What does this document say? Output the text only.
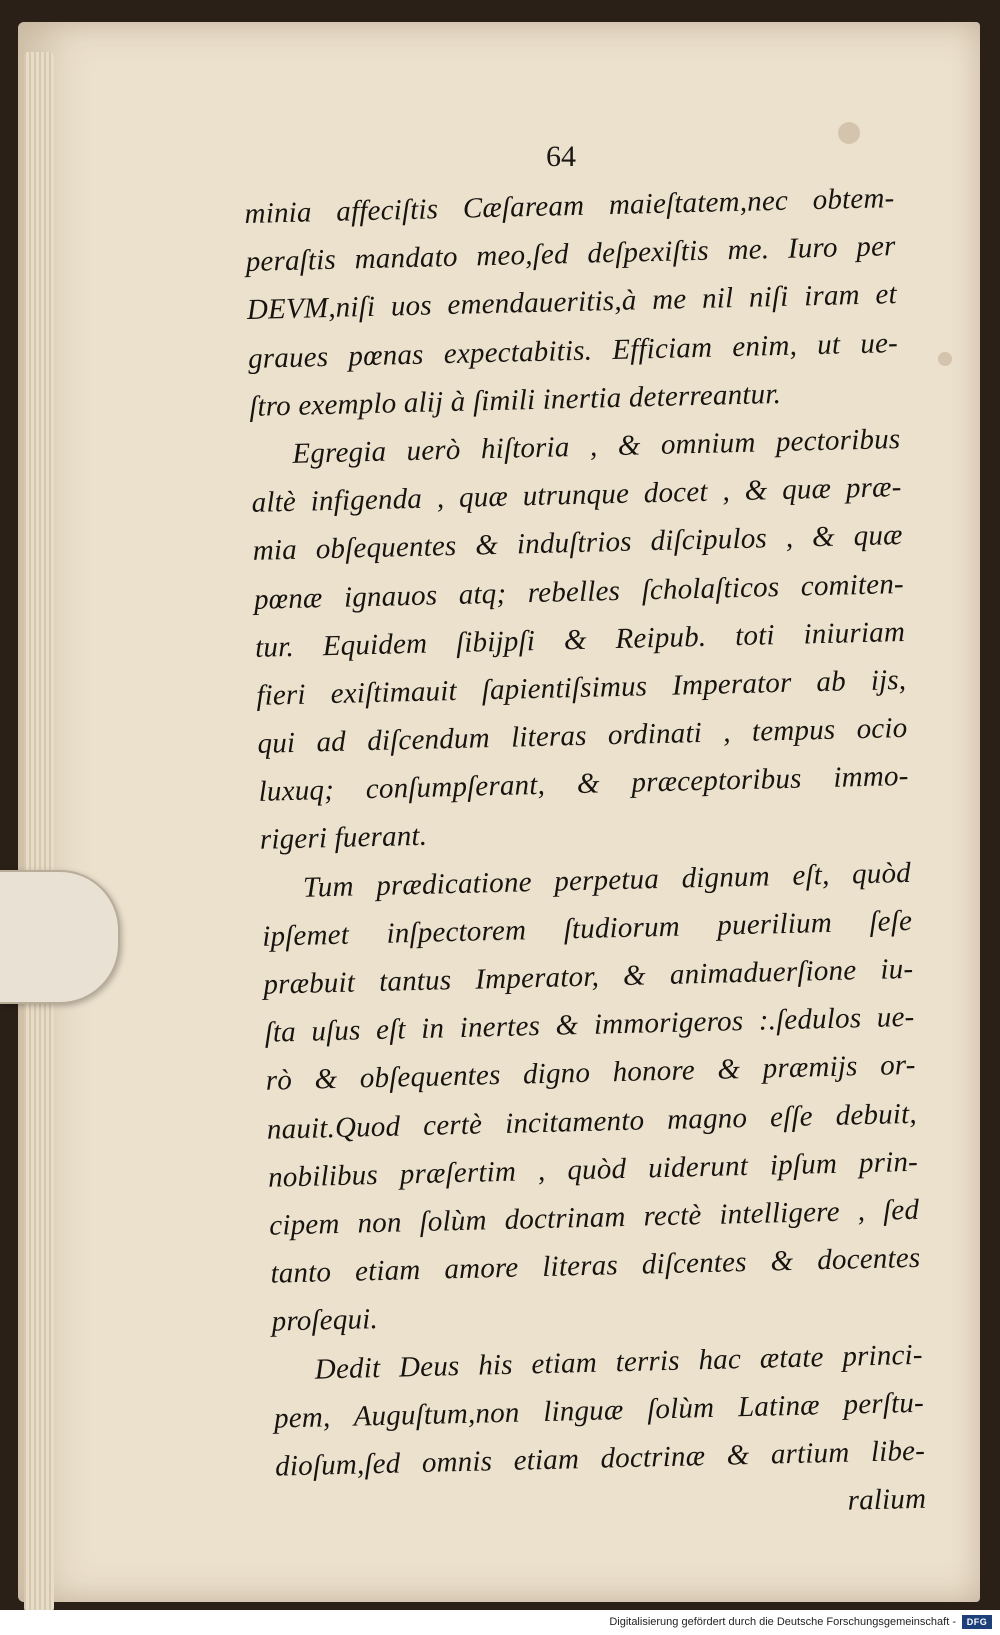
64
minia affeciſtis Cæſaream maieſtatem,nec obtem-
peraſtis mandato meo,ſed deſpexiſtis me. Iuro per
DEVM,niſi uos emendaueritis,à me nil niſi iram et
graues pœnas expectabitis. Efficiam enim, ut ue-
ſtro exemplo alij à ſimili inertia deterreantur.
Egregia uerò hiſtoria , & omnium pectoribus
altè infigenda , quæ utrunque docet , & quæ præ-
mia obſequentes & induſtrios diſcipulos , & quæ
pœnæ ignauos atq; rebelles ſcholaſticos comiten-
tur. Equidem ſibijpſi & Reipub. toti iniuriam
fieri exiſtimauit ſapientiſsimus Imperator ab ijs,
qui ad diſcendum literas ordinati , tempus ocio
luxuq; conſumpſerant, & præceptoribus immo-
rigeri fuerant.
Tum prædicatione perpetua dignum eſt, quòd
ipſemet inſpectorem ſtudiorum puerilium ſeſe
præbuit tantus Imperator, & animaduerſione iu-
ſta uſus eſt in inertes & immorigeros :.ſedulos ue-
rò & obſequentes digno honore & præmijs or-
nauit.Quod certè incitamento magno eſſe debuit,
nobilibus præſertim , quòd uiderunt ipſum prin-
cipem non ſolùm doctrinam rectè intelligere , ſed
tanto etiam amore literas diſcentes & docentes
proſequi.
Dedit Deus his etiam terris hac ætate princi-
pem, Auguſtum,non linguæ ſolùm Latinæ perſtu-
dioſum,ſed omnis etiam doctrinæ & artium libe-
ralium
Digitalisierung gefördert durch die Deutsche Forschungsgemeinschaft -	DFG
